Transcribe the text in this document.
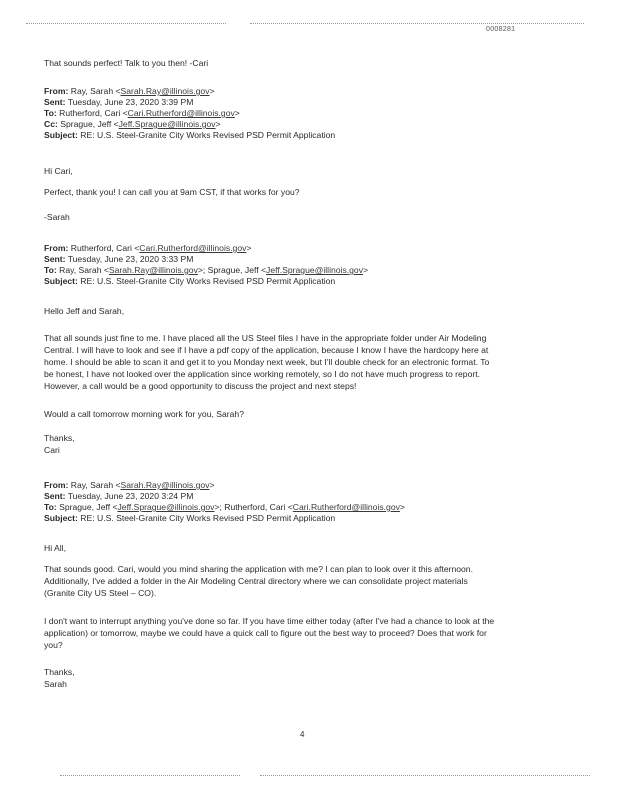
0008281
That sounds perfect! Talk to you then! -Cari
From: Ray, Sarah <Sarah.Ray@illinois.gov>
Sent: Tuesday, June 23, 2020 3:39 PM
To: Rutherford, Cari <Cari.Rutherford@illinois.gov>
Cc: Sprague, Jeff <Jeff.Sprague@illinois.gov>
Subject: RE: U.S. Steel-Granite City Works Revised PSD Permit Application
Hi Cari,
Perfect, thank you! I can call you at 9am CST, if that works for you?
-Sarah
From: Rutherford, Cari <Cari.Rutherford@illinois.gov>
Sent: Tuesday, June 23, 2020 3:33 PM
To: Ray, Sarah <Sarah.Ray@illinois.gov>; Sprague, Jeff <Jeff.Sprague@illinois.gov>
Subject: RE: U.S. Steel-Granite City Works Revised PSD Permit Application
Hello Jeff and Sarah,
That all sounds just fine to me. I have placed all the US Steel files I have in the appropriate folder under Air Modeling
Central. I will have to look and see if I have a pdf copy of the application, because I know I have the hardcopy here at
home. I should be able to scan it and get it to you Monday next week, but I'll double check for an electronic format. To
be honest, I have not looked over the application since working remotely, so I do not have much progress to report.
However, a call would be a good opportunity to discuss the project and next steps!
Would a call tomorrow morning work for you, Sarah?
Thanks,
Cari
From: Ray, Sarah <Sarah.Ray@illinois.gov>
Sent: Tuesday, June 23, 2020 3:24 PM
To: Sprague, Jeff <Jeff.Sprague@illinois.gov>; Rutherford, Cari <Cari.Rutherford@illinois.gov>
Subject: RE: U.S. Steel-Granite City Works Revised PSD Permit Application
Hi All,
That sounds good. Cari, would you mind sharing the application with me? I can plan to look over it this afternoon.
Additionally, I've added a folder in the Air Modeling Central directory where we can consolidate project materials
(Granite City US Steel – CO).
I don't want to interrupt anything you've done so far. If you have time either today (after I've had a chance to look at the
application) or tomorrow, maybe we could have a quick call to figure out the best way to proceed? Does that work for
you?
Thanks,
Sarah
4
